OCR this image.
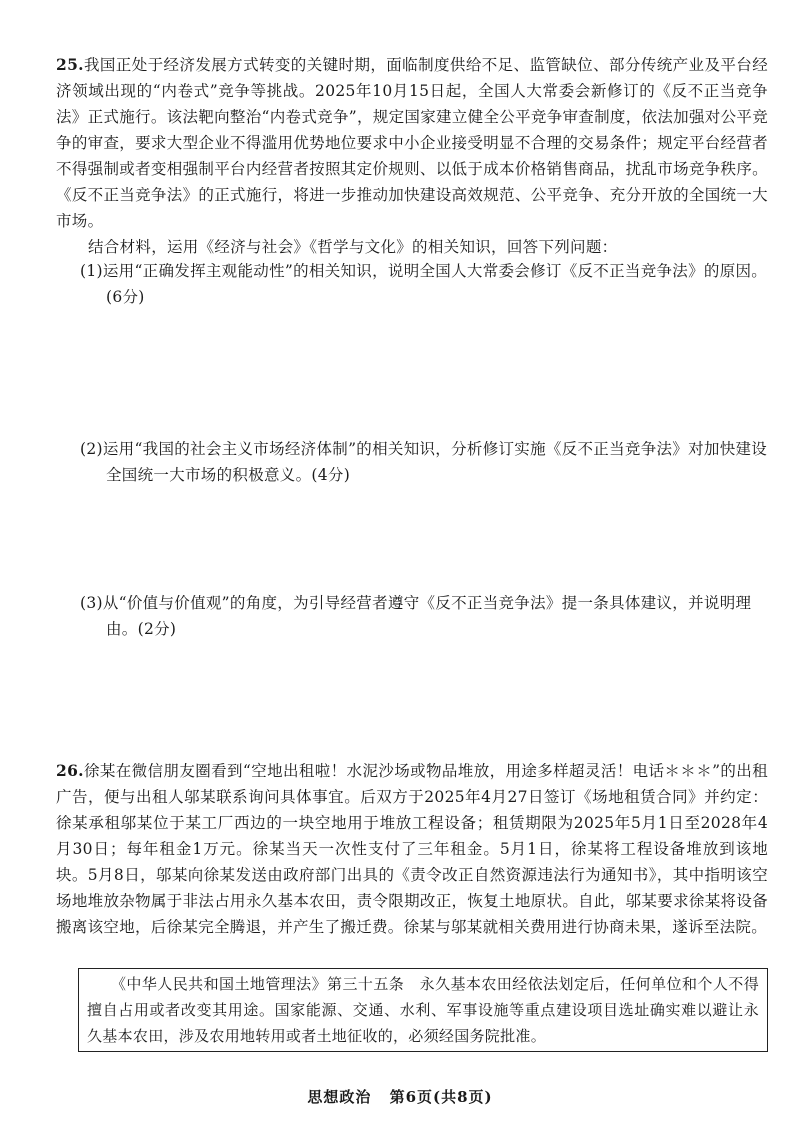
25.我国正处于经济发展方式转变的关键时期，面临制度供给不足、监管缺位、部分传统产业及平台经济领域出现的“内卷式”竞争等挑战。2025年10月15日起，全国人大常委会新修订的《反不正当竞争法》正式施行。该法靶向整治“内卷式竞争”，规定国家建立健全公平竞争审查制度，依法加强对公平竞争的审查，要求大型企业不得滥用优势地位要求中小企业接受明显不合理的交易条件；规定平台经营者不得强制或者变相强制平台内经营者按照其定价规则、以低于成本价格销售商品，扰乱市场竞争秩序。《反不正当竞争法》的正式施行，将进一步推动加快建设高效规范、公平竞争、充分开放的全国统一大市场。

结合材料，运用《经济与社会》《哲学与文化》的相关知识，回答下列问题：

(1)运用“正确发挥主观能动性”的相关知识，说明全国人大常委会修订《反不正当竞争法》的原因。(6分)

(2)运用“我国的社会主义市场经济体制”的相关知识，分析修订实施《反不正当竞争法》对加快建设全国统一大市场的积极意义。(4分)

(3)从“价值与价值观”的角度，为引导经营者遵守《反不正当竞争法》提一条具体建议，并说明理由。(2分)

26.徐某在微信朋友圈看到“空地出租啦！水泥沙场或物品堆放，用途多样超灵活！电话＊＊＊”的出租广告，便与出租人邬某联系询问具体事宜。后双方于2025年4月27日签订《场地租赁合同》并约定：徐某承租邬某位于某工厂西边的一块空地用于堆放工程设备；租赁期限为2025年5月1日至2028年4月30日；每年租金1万元。徐某当天一次性支付了三年租金。5月1日，徐某将工程设备堆放到该地块。5月8日，邬某向徐某发送由政府部门出具的《责令改正自然资源违法行为通知书》，其中指明该空场地堆放杂物属于非法占用永久基本农田，责令限期改正，恢复土地原状。自此，邬某要求徐某将设备搬离该空地，后徐某完全腾退，并产生了搬迁费。徐某与邬某就相关费用进行协商未果，遂诉至法院。

《中华人民共和国土地管理法》第三十五条　永久基本农田经依法划定后，任何单位和个人不得擅自占用或者改变其用途。国家能源、交通、水利、军事设施等重点建设项目选址确实难以避让永久基本农田，涉及农用地转用或者土地征收的，必须经国务院批准。

思想政治 第6页(共8页)
